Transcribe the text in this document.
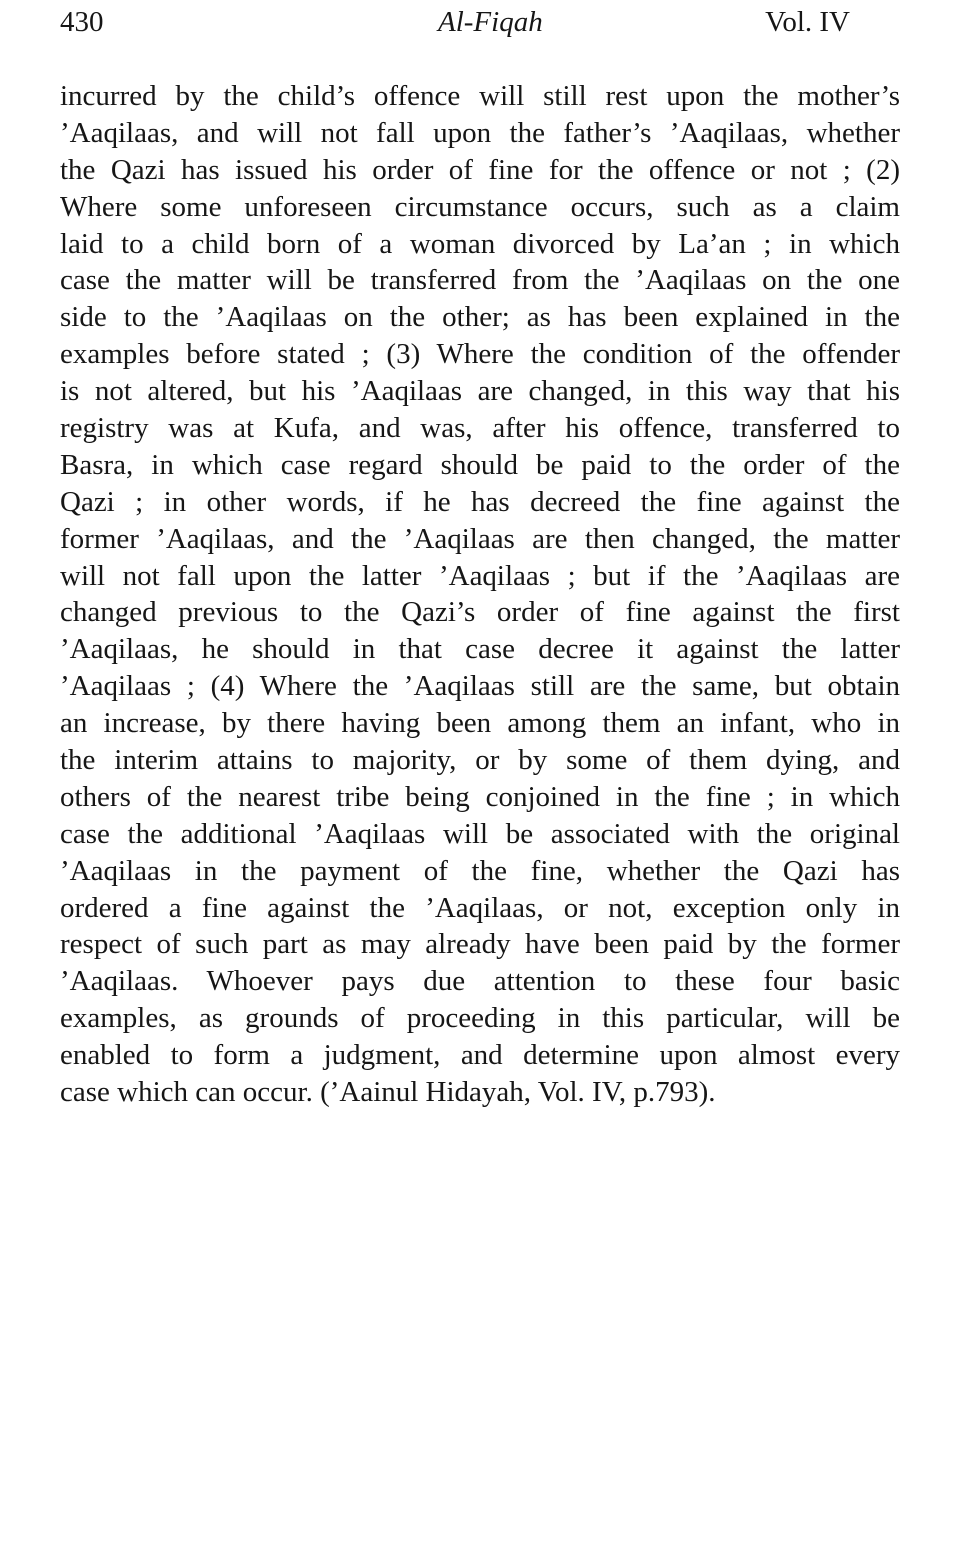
430	Al-Fiqah	Vol. IV
incurred by the child’s offence will still rest upon the mother’s
’Aaqilaas, and will not fall upon the father’s ’Aaqilaas, whether
the Qazi has issued his order of fine for the offence or not ; (2)
Where some unforeseen circumstance occurs, such as a claim
laid to a child born of a woman divorced by La’an ; in which
case the matter will be transferred from the ’Aaqilaas on the one
side to the ’Aaqilaas on the other; as has been explained in the
examples before stated ; (3) Where the condition of the offender
is not altered, but his ’Aaqilaas are changed, in this way that his
registry was at Kufa, and was, after his offence, transferred to
Basra, in which case regard should be paid to the order of the
Qazi ; in other words, if he has decreed the fine against the
former ’Aaqilaas, and the ’Aaqilaas are then changed, the matter
will not fall upon the latter ’Aaqilaas ; but if the ’Aaqilaas are
changed previous to the Qazi’s order of fine against the first
’Aaqilaas, he should in that case decree it against the latter
’Aaqilaas ; (4) Where the ’Aaqilaas still are the same, but obtain
an increase, by there having been among them an infant, who in
the interim attains to majority, or by some of them dying, and
others of the nearest tribe being conjoined in the fine ; in which
case the additional ’Aaqilaas will be associated with the original
’Aaqilaas in the payment of the fine, whether the Qazi has
ordered a fine against the ’Aaqilaas, or not, exception only in
respect of such part as may already have been paid by the former
’Aaqilaas. Whoever pays due attention to these four basic
examples, as grounds of proceeding in this particular, will be
enabled to form a judgment, and determine upon almost every
case which can occur. (’Aainul Hidayah, Vol. IV, p.793).
